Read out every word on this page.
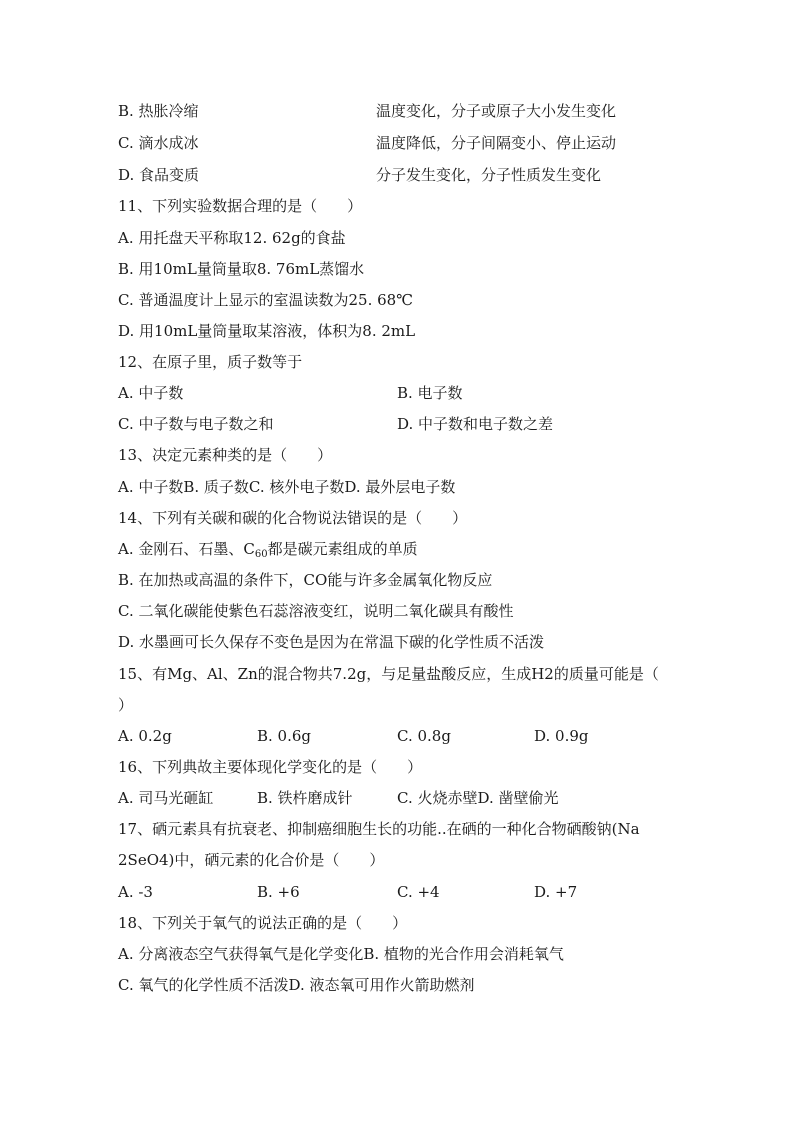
B. 热胀冷缩	温度变化，分子或原子大小发生变化
C. 滴水成冰	温度降低，分子间隔变小、停止运动
D. 食品变质	分子发生变化，分子性质发生变化
11、下列实验数据合理的是（　　）
A. 用托盘天平称取12. 62g的食盐
B. 用10mL量筒量取8. 76mL蒸馏水
C. 普通温度计上显示的室温读数为25. 68℃
D. 用10mL量筒量取某溶液，体积为8. 2mL
12、在原子里，质子数等于
A. 中子数	B. 电子数
C. 中子数与电子数之和	D. 中子数和电子数之差
13、决定元素种类的是（　　）
A. 中子数B. 质子数C. 核外电子数D. 最外层电子数
14、下列有关碳和碳的化合物说法错误的是（　　）
A. 金刚石、石墨、$C_{60}$都是碳元素组成的单质
B. 在加热或高温的条件下，CO能与许多金属氧化物反应
C. 二氧化碳能使紫色石蕊溶液变红，说明二氧化碳具有酸性
D. 水墨画可长久保存不变色是因为在常温下碳的化学性质不活泼
15、有Mg、Al、Zn的混合物共7.2g，与足量盐酸反应，生成H2的质量可能是（
）
A. 0.2g	B. 0.6g	C. 0.8g	D. 0.9g
16、下列典故主要体现化学变化的是（　　）
A. 司马光砸缸	B. 铁杵磨成针	C. 火烧赤壁D. 凿壁偷光
17、硒元素具有抗衰老、抑制癌细胞生长的功能..在硒的一种化合物硒酸钠(Na
2SeO4)中，硒元素的化合价是（　　）
A. -3	B. +6	C. +4	D. +7
18、下列关于氧气的说法正确的是（　　）
A. 分离液态空气获得氧气是化学变化B. 植物的光合作用会消耗氧气
C. 氧气的化学性质不活泼D. 液态氧可用作火箭助燃剂
